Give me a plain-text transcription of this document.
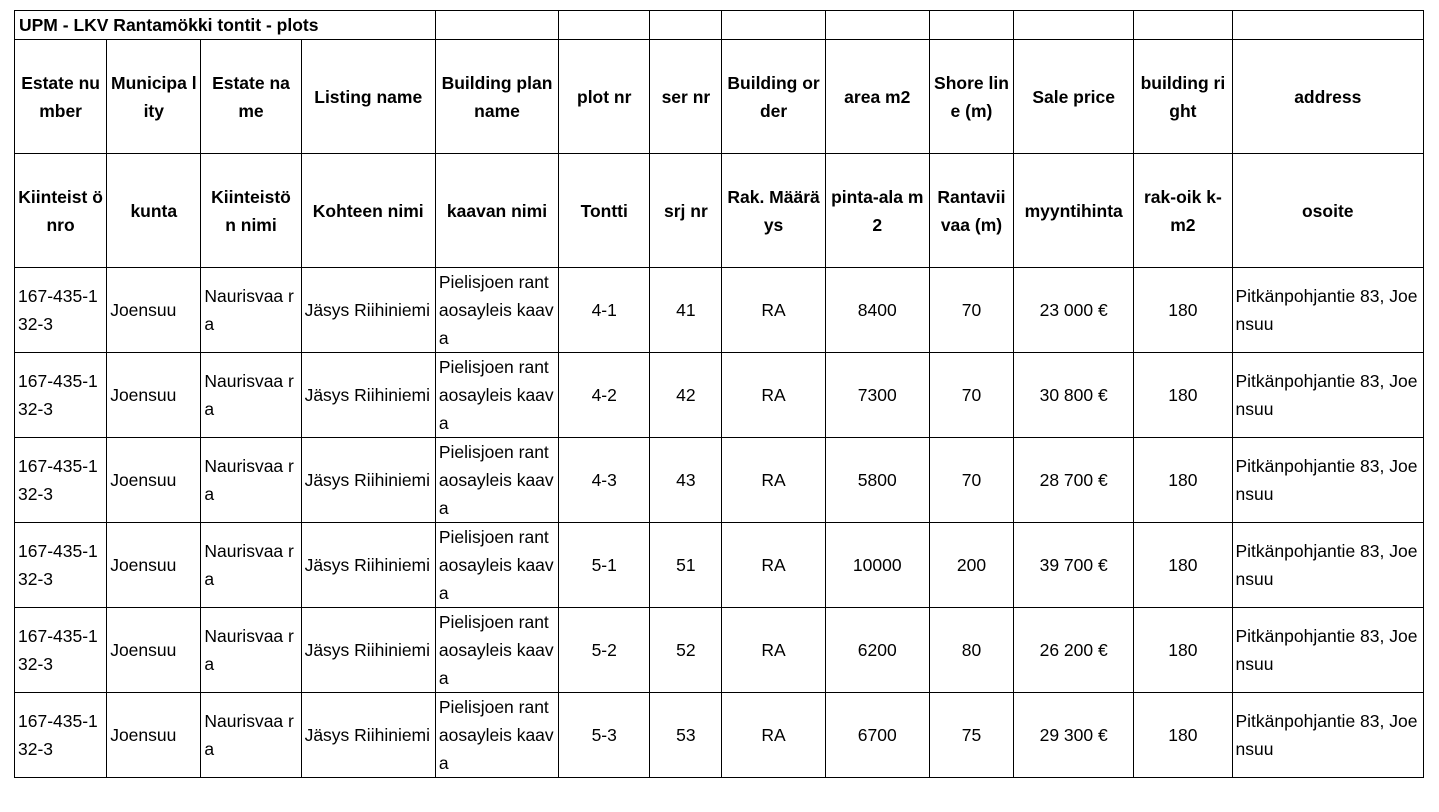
UPM - LKV Rantamökki tontit - plots												
Estate number	Municipa lity	Estate name	Listing name	Building plan name	plot nr	ser nr	Building order	area m2	Shore line (m)	Sale price	building right	address
Kiinteist önro	kunta	Kiinteistö n nimi	Kohteen nimi	kaavan nimi	Tontti	srj nr	Rak. Määräys	pinta-ala m2	Rantavii vaa (m)	myyntihinta	rak-oik k-m2	osoite
167-435-132-3	Joensuu	Naurisvaa ra	Jäsys Riihiniemi	Pielisjoen rantaosayleis kaava	4-1	41	RA	8400	70	23 000 €	180	Pitkänpohjantie 83, Joensuu
167-435-132-3	Joensuu	Naurisvaa ra	Jäsys Riihiniemi	Pielisjoen rantaosayleis kaava	4-2	42	RA	7300	70	30 800 €	180	Pitkänpohjantie 83, Joensuu
167-435-132-3	Joensuu	Naurisvaa ra	Jäsys Riihiniemi	Pielisjoen rantaosayleis kaava	4-3	43	RA	5800	70	28 700 €	180	Pitkänpohjantie 83, Joensuu
167-435-132-3	Joensuu	Naurisvaa ra	Jäsys Riihiniemi	Pielisjoen rantaosayleis kaava	5-1	51	RA	10000	200	39 700 €	180	Pitkänpohjantie 83, Joensuu
167-435-132-3	Joensuu	Naurisvaa ra	Jäsys Riihiniemi	Pielisjoen rantaosayleis kaava	5-2	52	RA	6200	80	26 200 €	180	Pitkänpohjantie 83, Joensuu
167-435-132-3	Joensuu	Naurisvaa ra	Jäsys Riihiniemi	Pielisjoen rantaosayleis kaava	5-3	53	RA	6700	75	29 300 €	180	Pitkänpohjantie 83, Joensuu
